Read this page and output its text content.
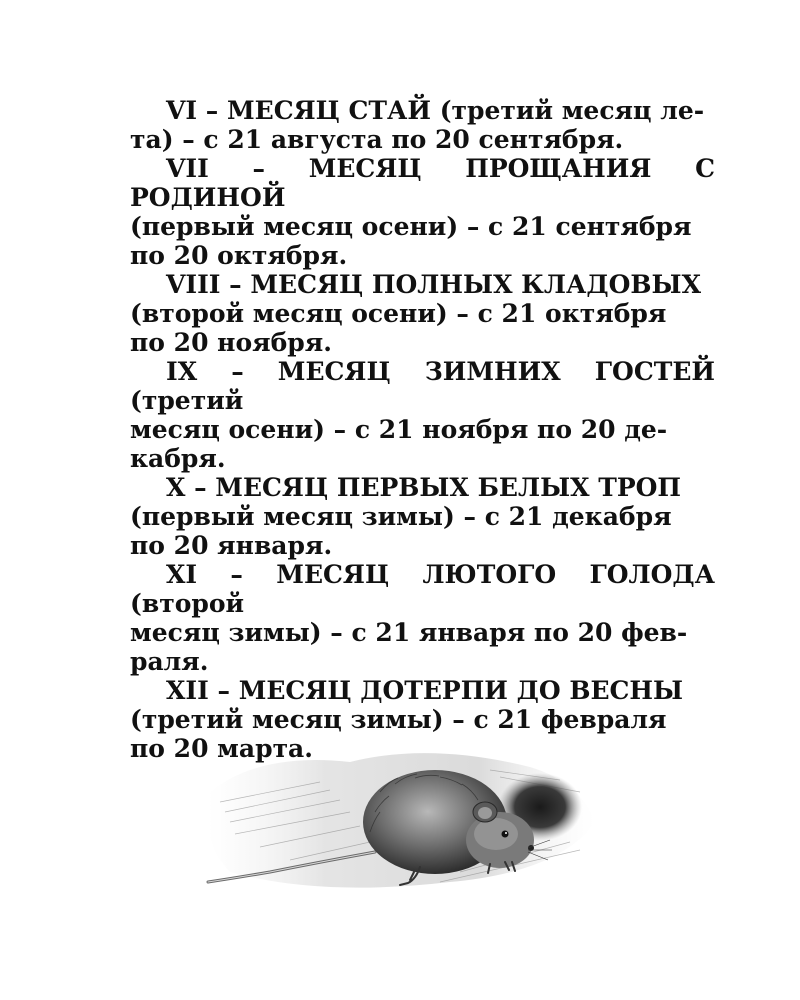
VI – МЕСЯЦ СТАЙ (третий месяц ле-
та) – с 21 августа по 20 сентября.

VII – МЕСЯЦ ПРОЩАНИЯ С РОДИНОЙ
(первый месяц осени) – с 21 сентября
по 20 октября.

VIII – МЕСЯЦ ПОЛНЫХ КЛАДОВЫХ
(второй месяц осени) – с 21 октября
по 20 ноября.

IX – МЕСЯЦ ЗИМНИХ ГОСТЕЙ (третий
месяц осени) – с 21 ноября по 20 де-
кабря.

X – МЕСЯЦ ПЕРВЫХ БЕЛЫХ ТРОП
(первый месяц зимы) – с 21 декабря
по 20 января.

XI – МЕСЯЦ ЛЮТОГО ГОЛОДА (второй
месяц зимы) – с 21 января по 20 фев-
раля.

XII – МЕСЯЦ ДОТЕРПИ ДО ВЕСНЫ
(третий месяц зимы) – с 21 февраля
по 20 марта.
